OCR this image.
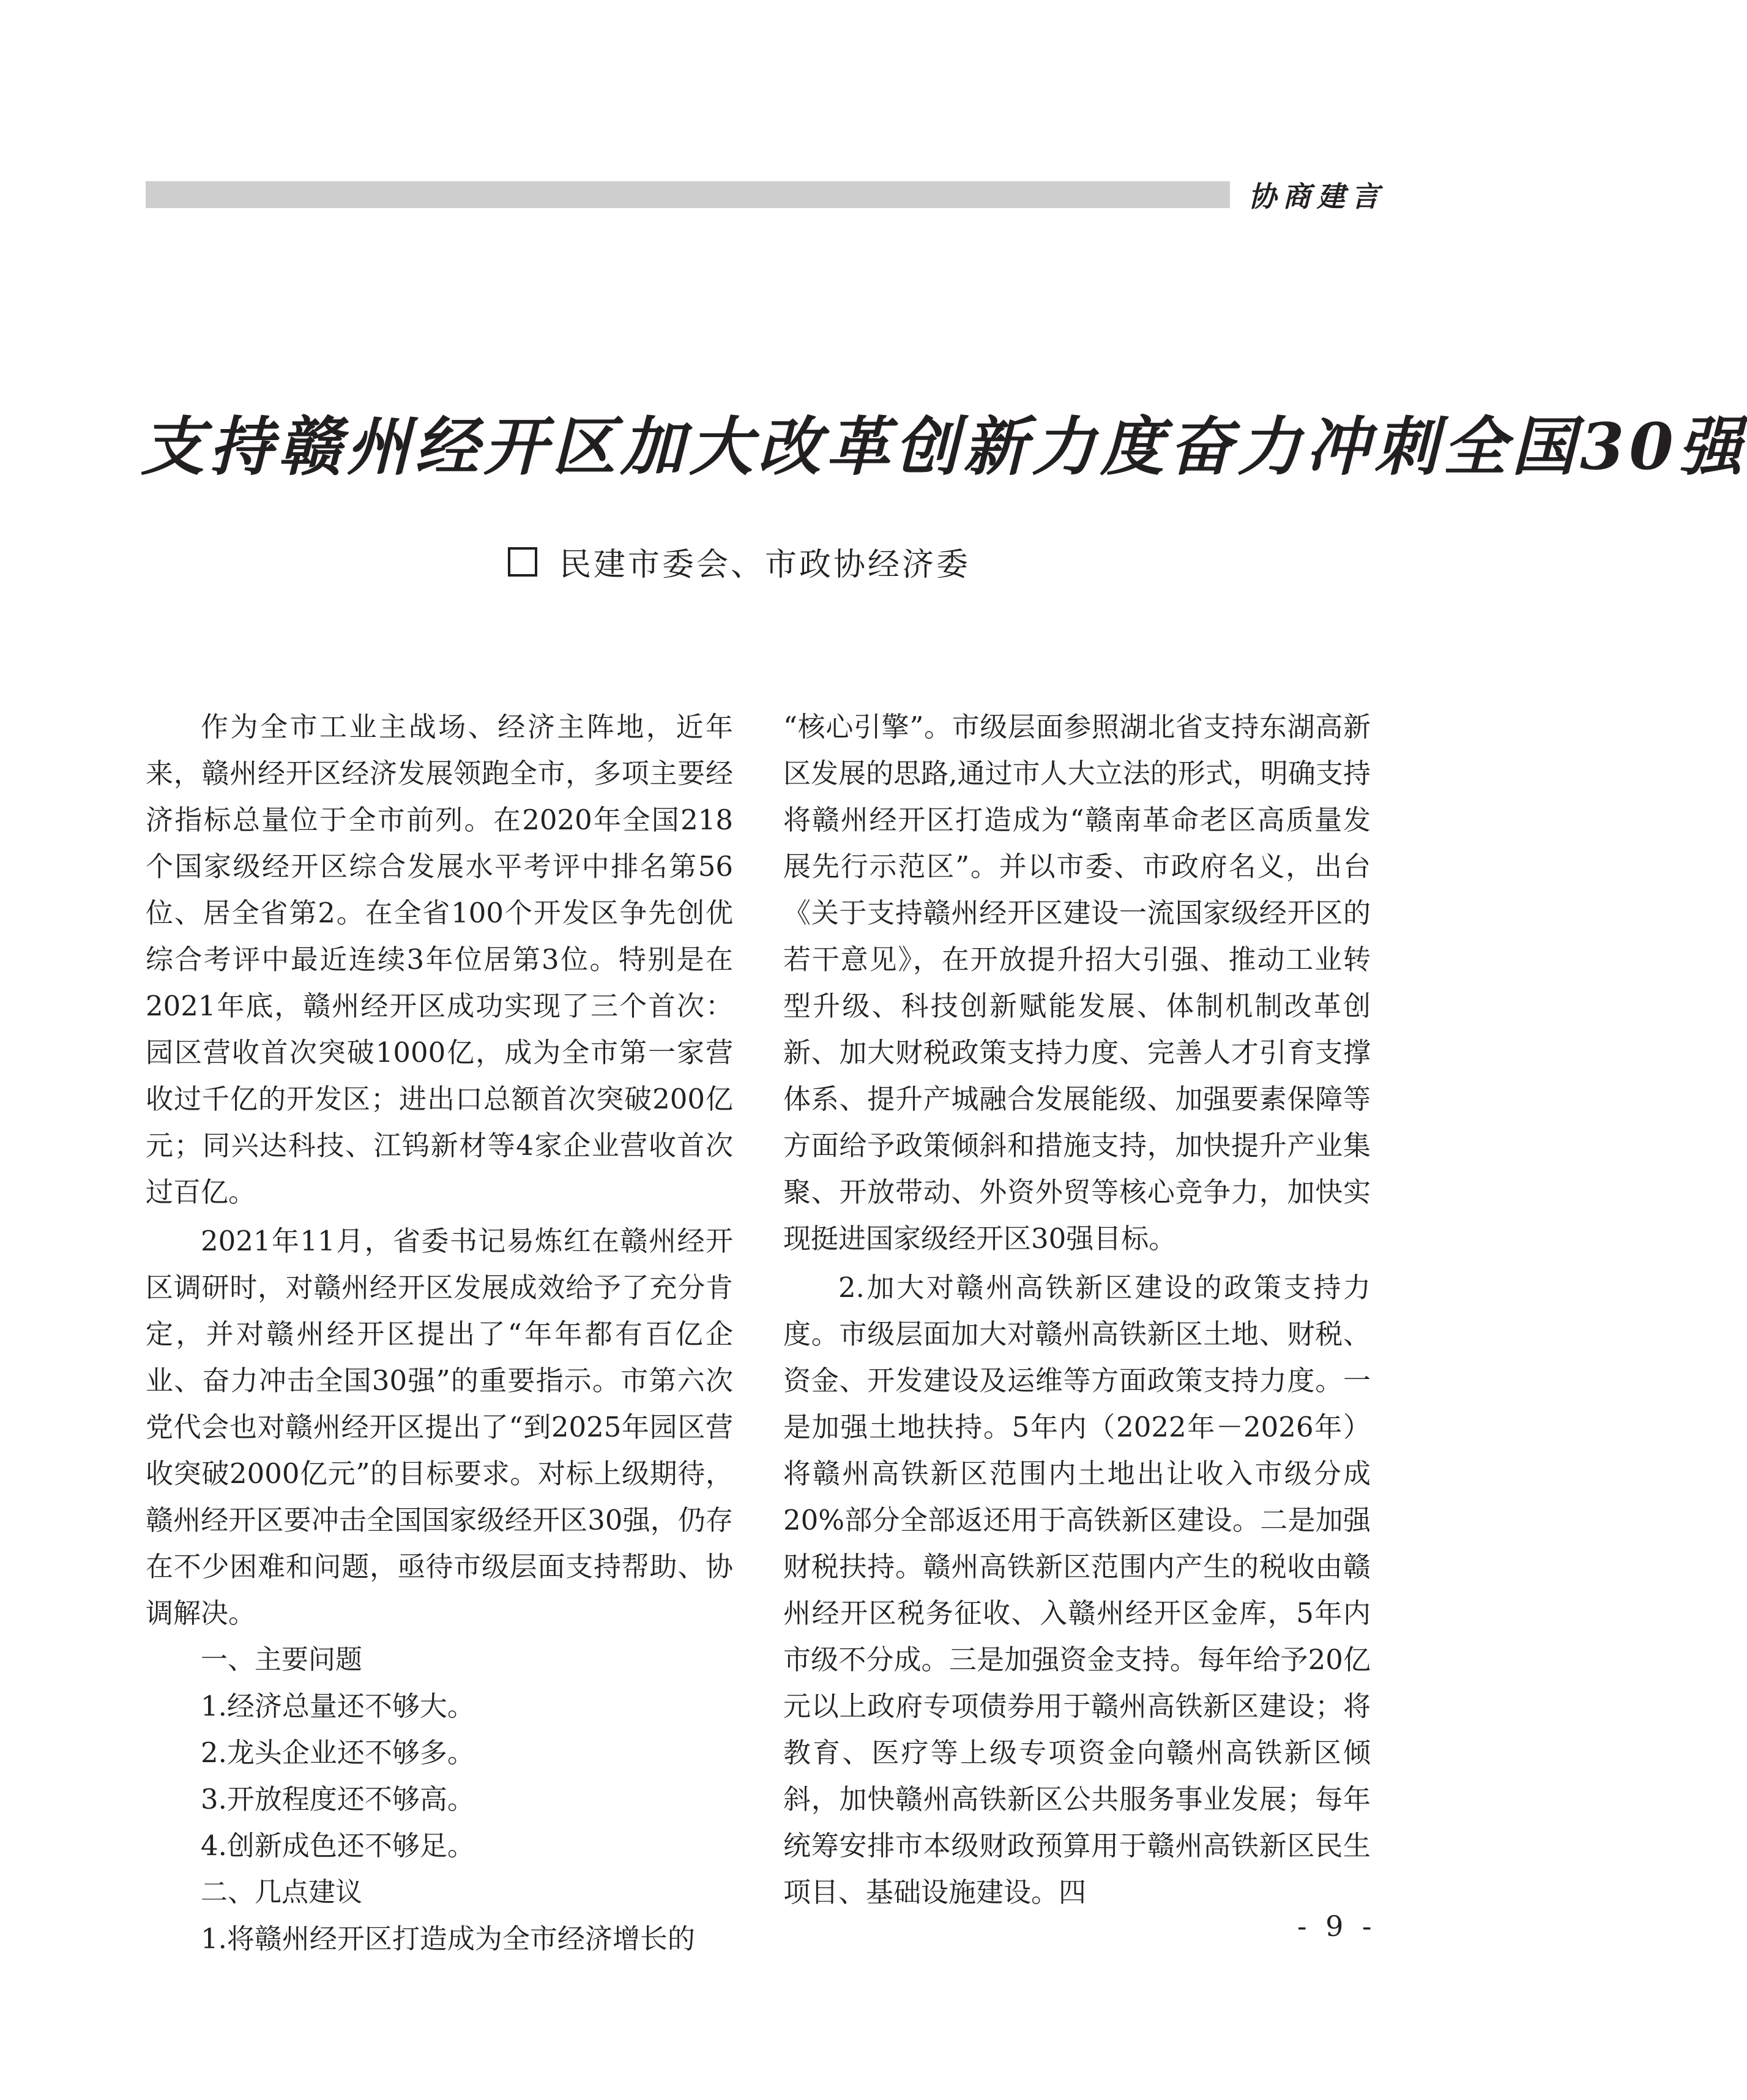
协商建言
支持赣州经开区加大改革创新力度奋力冲刺全国30强
民建市委会、市政协经济委

作为全市工业主战场、经济主阵地，近年来，赣州经开区经济发展领跑全市，多项主要经济指标总量位于全市前列。在2020年全国218个国家级经开区综合发展水平考评中排名第56位、居全省第2。在全省100个开发区争先创优综合考评中最近连续3年位居第3位。特别是在2021年底，赣州经开区成功实现了三个首次：园区营收首次突破1000亿，成为全市第一家营收过千亿的开发区；进出口总额首次突破200亿元；同兴达科技、江钨新材等4家企业营收首次过百亿。

2021年11月，省委书记易炼红在赣州经开区调研时，对赣州经开区发展成效给予了充分肯定，并对赣州经开区提出了“年年都有百亿企业、奋力冲击全国30强”的重要指示。市第六次党代会也对赣州经开区提出了“到2025年园区营收突破2000亿元”的目标要求。对标上级期待，赣州经开区要冲击全国国家级经开区30强，仍存在不少困难和问题，亟待市级层面支持帮助、协调解决。

一、主要问题

1.经济总量还不够大。

2.龙头企业还不够多。

3.开放程度还不够高。

4.创新成色还不够足。

二、几点建议

1.将赣州经开区打造成为全市经济增长的

“核心引擎”。市级层面参照湖北省支持东湖高新区发展的思路,通过市人大立法的形式，明确支持将赣州经开区打造成为“赣南革命老区高质量发展先行示范区”。并以市委、市政府名义，出台《关于支持赣州经开区建设一流国家级经开区的若干意见》，在开放提升招大引强、推动工业转型升级、科技创新赋能发展、体制机制改革创新、加大财税政策支持力度、完善人才引育支撑体系、提升产城融合发展能级、加强要素保障等方面给予政策倾斜和措施支持，加快提升产业集聚、开放带动、外资外贸等核心竞争力，加快实现挺进国家级经开区30强目标。

2.加大对赣州高铁新区建设的政策支持力度。市级层面加大对赣州高铁新区土地、财税、资金、开发建设及运维等方面政策支持力度。一是加强土地扶持。5年内（2022年－2026年）将赣州高铁新区范围内土地出让收入市级分成20%部分全部返还用于高铁新区建设。二是加强财税扶持。赣州高铁新区范围内产生的税收由赣州经开区税务征收、入赣州经开区金库，5年内市级不分成。三是加强资金支持。每年给予20亿元以上政府专项债券用于赣州高铁新区建设；将教育、医疗等上级专项资金向赣州高铁新区倾斜，加快赣州高铁新区公共服务事业发展；每年统筹安排市本级财政预算用于赣州高铁新区民生项目、基础设施建设。四

- 9 -
